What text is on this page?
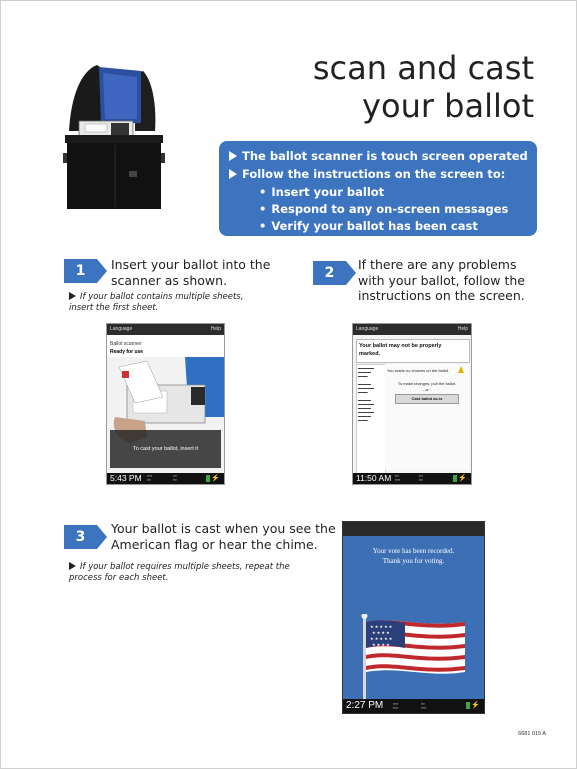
scan and cast
your ballot
The ballot scanner is touch screen operated
Follow the instructions on the screen to:
• Insert your ballot
• Respond to any on-screen messages
• Verify your ballot has been cast
1	Insert your ballot into the
scanner as shown.
If your ballot contains multiple sheets,
insert the first sheet.
2
If there are any problems
with your ballot, follow the
instructions on the screen.
Language	Help
Ballot scanner
Ready for use
To cast your ballot, insert it
5:43 PM ▪▪▪▪
▪▪▪
▪▪▪
▪▪▪	⚡
Language	Help
Your ballot may not be properly
marked.
▬▬▬▬▬
▬▬▬▬
▬▬▬

▬▬▬▬
▬▬▬▬▬
▬▬▬

▬▬▬▬
▬▬▬▬▬
▬▬▬▬
▬▬▬▬▬
▬▬▬▬
▬▬▬
You made no choices on the ballot.
To make changes, pull the ballot.
- or -
Cast ballot as-is
11:50 AM ▪▪▪
▪▪▪▪
▪▪▪
▪▪▪	⚡
3
Your ballot is cast when you see the
American flag or hear the chime.
If your ballot requires multiple sheets, repeat the
process for each sheet.
Your vote has been recorded.
Thank you for voting.
★ ★ ★ ★ ★
★ ★ ★ ★
★ ★ ★ ★ ★
★ ★ ★ ★
2:27 PM	▪▪▪▪
▪▪▪▪
▪▪▪
▪▪▪▪	⚡
6681 015 A
